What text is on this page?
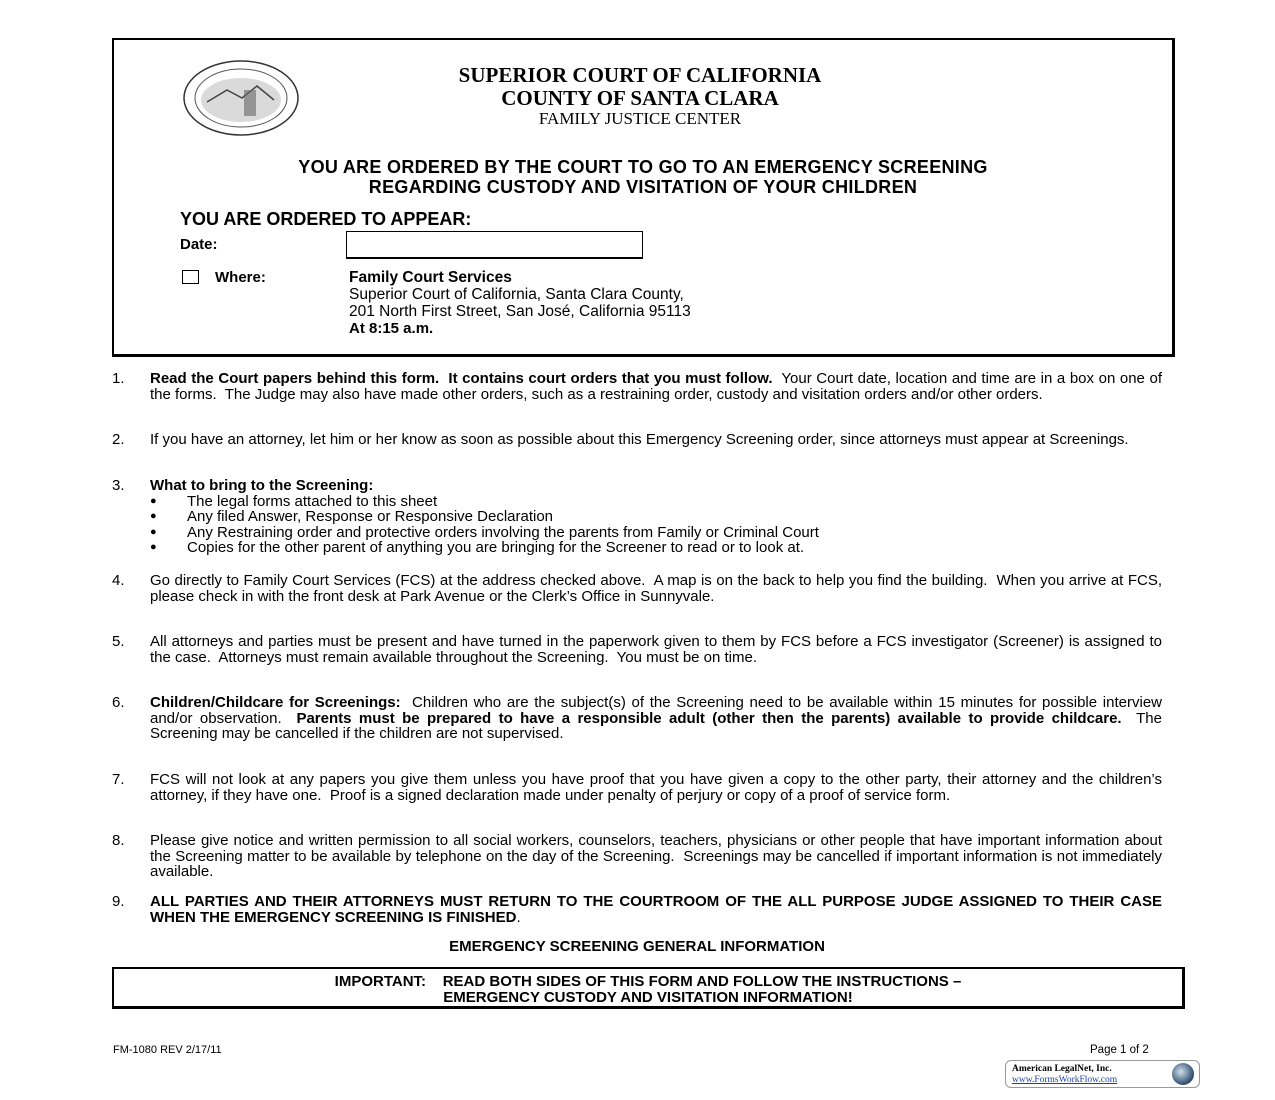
SUPERIOR COURT OF CALIFORNIA
COUNTY OF SANTA CLARA
FAMILY JUSTICE CENTER
YOU ARE ORDERED BY THE COURT TO GO TO AN EMERGENCY SCREENING
REGARDING CUSTODY AND VISITATION OF YOUR CHILDREN
YOU ARE ORDERED TO APPEAR:
Date:
Where:	Family Court Services
Superior Court of California, Santa Clara County,
201 North First Street, San José, California 95113
At 8:15 a.m.
1. Read the Court papers behind this form.  It contains court orders that you must follow.  Your Court date, location and time are in a box on one of the forms.  The Judge may also have made other orders, such as a restraining order, custody and visitation orders and/or other orders.
2. If you have an attorney, let him or her know as soon as possible about this Emergency Screening order, since attorneys must appear at Screenings.
3. What to bring to the Screening:
● The legal forms attached to this sheet
● Any filed Answer, Response or Responsive Declaration
● Any Restraining order and protective orders involving the parents from Family or Criminal Court
● Copies for the other parent of anything you are bringing for the Screener to read or to look at.
4. Go directly to Family Court Services (FCS) at the address checked above.  A map is on the back to help you find the building.  When you arrive at FCS, please check in with the front desk at Park Avenue or the Clerk’s Office in Sunnyvale.
5. All attorneys and parties must be present and have turned in the paperwork given to them by FCS before a FCS investigator (Screener) is assigned to the case.  Attorneys must remain available throughout the Screening.  You must be on time.
6. Children/Childcare for Screenings:  Children who are the subject(s) of the Screening need to be available within 15 minutes for possible interview and/or observation.  Parents must be prepared to have a responsible adult (other then the parents) available to provide childcare.  The Screening may be cancelled if the children are not supervised.
7. FCS will not look at any papers you give them unless you have proof that you have given a copy to the other party, their attorney and the children’s attorney, if they have one.  Proof is a signed declaration made under penalty of perjury or copy of a proof of service form.
8. Please give notice and written permission to all social workers, counselors, teachers, physicians or other people that have important information about the Screening matter to be available by telephone on the day of the Screening.  Screenings may be cancelled if important information is not immediately available.
9. ALL PARTIES AND THEIR ATTORNEYS MUST RETURN TO THE COURTROOM OF THE ALL PURPOSE JUDGE ASSIGNED TO THEIR CASE WHEN THE EMERGENCY SCREENING IS FINISHED.
EMERGENCY SCREENING GENERAL INFORMATION
IMPORTANT:    READ BOTH SIDES OF THIS FORM AND FOLLOW THE INSTRUCTIONS –
EMERGENCY CUSTODY AND VISITATION INFORMATION!
FM-1080 REV 2/17/11	Page 1 of 2
American LegalNet, Inc.
www.FormsWorkFlow.com
